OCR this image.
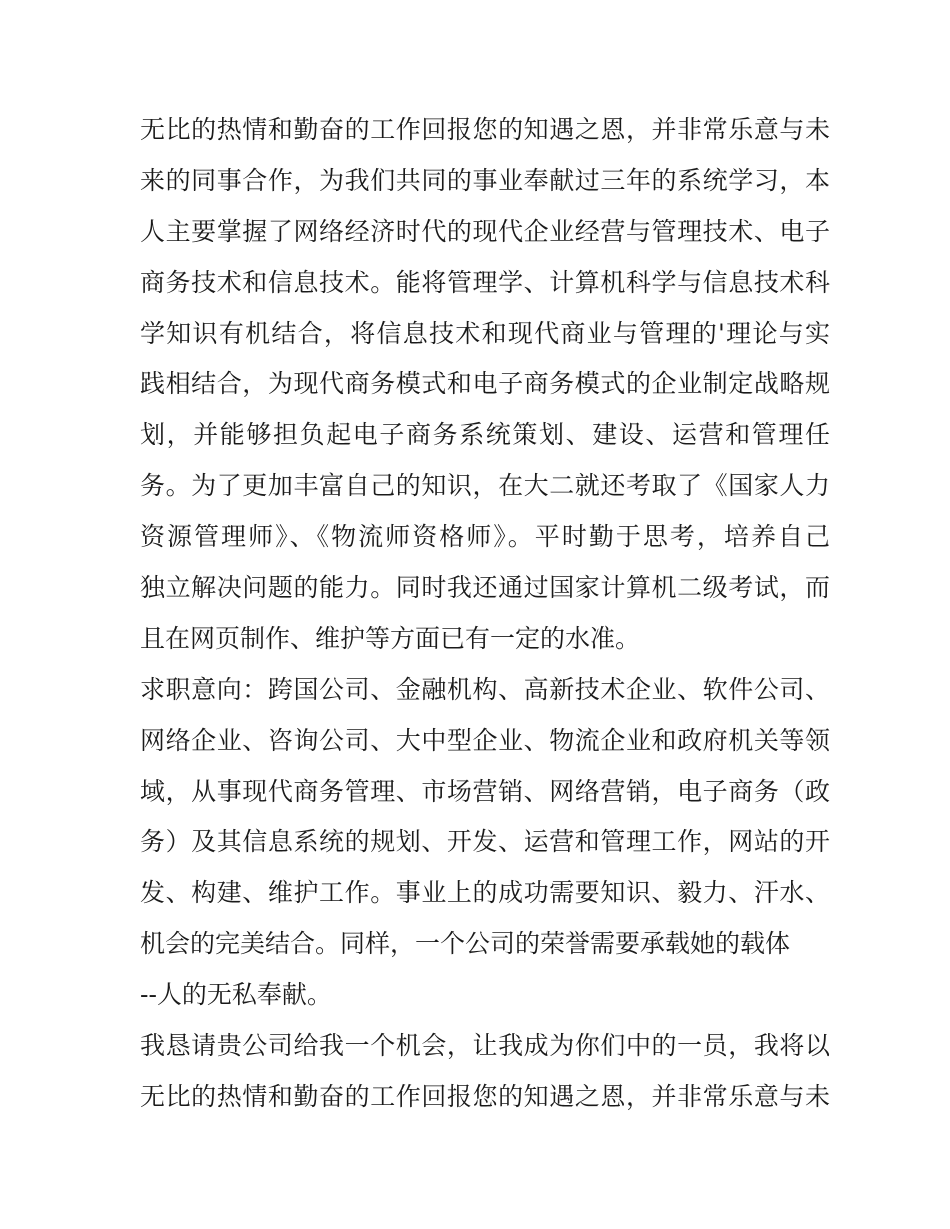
无比的热情和勤奋的工作回报您的知遇之恩，并非常乐意与未
来的同事合作，为我们共同的事业奉献过三年的系统学习，本
人主要掌握了网络经济时代的现代企业经营与管理技术、电子
商务技术和信息技术。能将管理学、计算机科学与信息技术科
学知识有机结合，将信息技术和现代商业与管理的'理论与实
践相结合，为现代商务模式和电子商务模式的企业制定战略规
划，并能够担负起电子商务系统策划、建设、运营和管理任
务。为了更加丰富自己的知识，在大二就还考取了《国家人力
资源管理师》、《物流师资格师》。平时勤于思考，培养自己
独立解决问题的能力。同时我还通过国家计算机二级考试，而
且在网页制作、维护等方面已有一定的水准。
求职意向：跨国公司、金融机构、高新技术企业、软件公司、
网络企业、咨询公司、大中型企业、物流企业和政府机关等领
域，从事现代商务管理、市场营销、网络营销，电子商务（政
务）及其信息系统的规划、开发、运营和管理工作，网站的开
发、构建、维护工作。事业上的成功需要知识、毅力、汗水、
机会的完美结合。同样，一个公司的荣誉需要承载她的载体
--人的无私奉献。
我恳请贵公司给我一个机会，让我成为你们中的一员，我将以
无比的热情和勤奋的工作回报您的知遇之恩，并非常乐意与未
